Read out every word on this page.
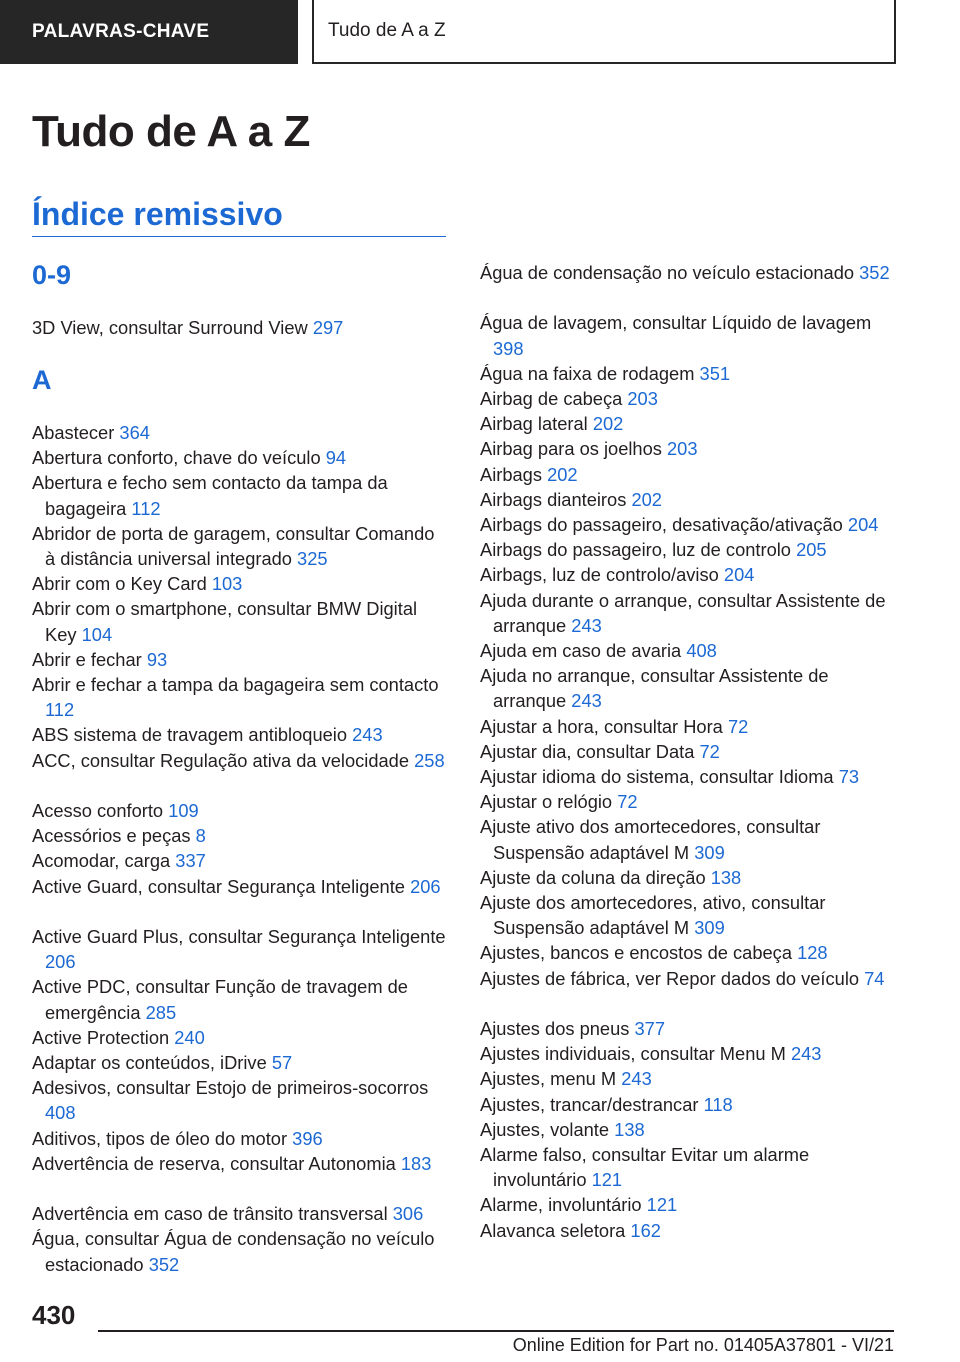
PALAVRAS-CHAVE	Tudo de A a Z
Tudo de A a Z
Índice remissivo
0-9
A
3D View, consultar Surround View 297
Abastecer 364
Abertura conforto, chave do veículo 94
Abertura e fecho sem contacto da tampa da bagageira 112
Abridor de porta de garagem, consultar Comando à distância universal integrado 325
Abrir com o Key Card 103
Abrir com o smartphone, consultar BMW Digital Key 104
Abrir e fechar 93
Abrir e fechar a tampa da bagageira sem contacto 112
ABS sistema de travagem antibloqueio 243
ACC, consultar Regulação ativa da velocidade 258
Acesso conforto 109
Acessórios e peças 8
Acomodar, carga 337
Active Guard, consultar Segurança Inteligente 206
Active Guard Plus, consultar Segurança Inteligente 206
Active PDC, consultar Função de travagem de emergência 285
Active Protection 240
Adaptar os conteúdos, iDrive 57
Adesivos, consultar Estojo de primeiros-socorros 408
Aditivos, tipos de óleo do motor 396
Advertência de reserva, consultar Autonomia 183
Advertência em caso de trânsito transversal 306
Água, consultar Água de condensação no veículo estacionado 352
Água de condensação no veículo estacionado 352
Água de lavagem, consultar Líquido de lavagem 398
Água na faixa de rodagem 351
Airbag de cabeça 203
Airbag lateral 202
Airbag para os joelhos 203
Airbags 202
Airbags dianteiros 202
Airbags do passageiro, desativação/ativação 204
Airbags do passageiro, luz de controlo 205
Airbags, luz de controlo/aviso 204
Ajuda durante o arranque, consultar Assistente de arranque 243
Ajuda em caso de avaria 408
Ajuda no arranque, consultar Assistente de arranque 243
Ajustar a hora, consultar Hora 72
Ajustar dia, consultar Data 72
Ajustar idioma do sistema, consultar Idioma 73
Ajustar o relógio 72
Ajuste ativo dos amortecedores, consultar Suspensão adaptável M 309
Ajuste da coluna da direção 138
Ajuste dos amortecedores, ativo, consultar Suspensão adaptável M 309
Ajustes, bancos e encostos de cabeça 128
Ajustes de fábrica, ver Repor dados do veículo 74
Ajustes dos pneus 377
Ajustes individuais, consultar Menu M 243
Ajustes, menu M 243
Ajustes, trancar/destrancar 118
Ajustes, volante 138
Alarme falso, consultar Evitar um alarme involuntário 121
Alarme, involuntário 121
Alavanca seletora 162
430
Online Edition for Part no. 01405A37801 - VI/21
